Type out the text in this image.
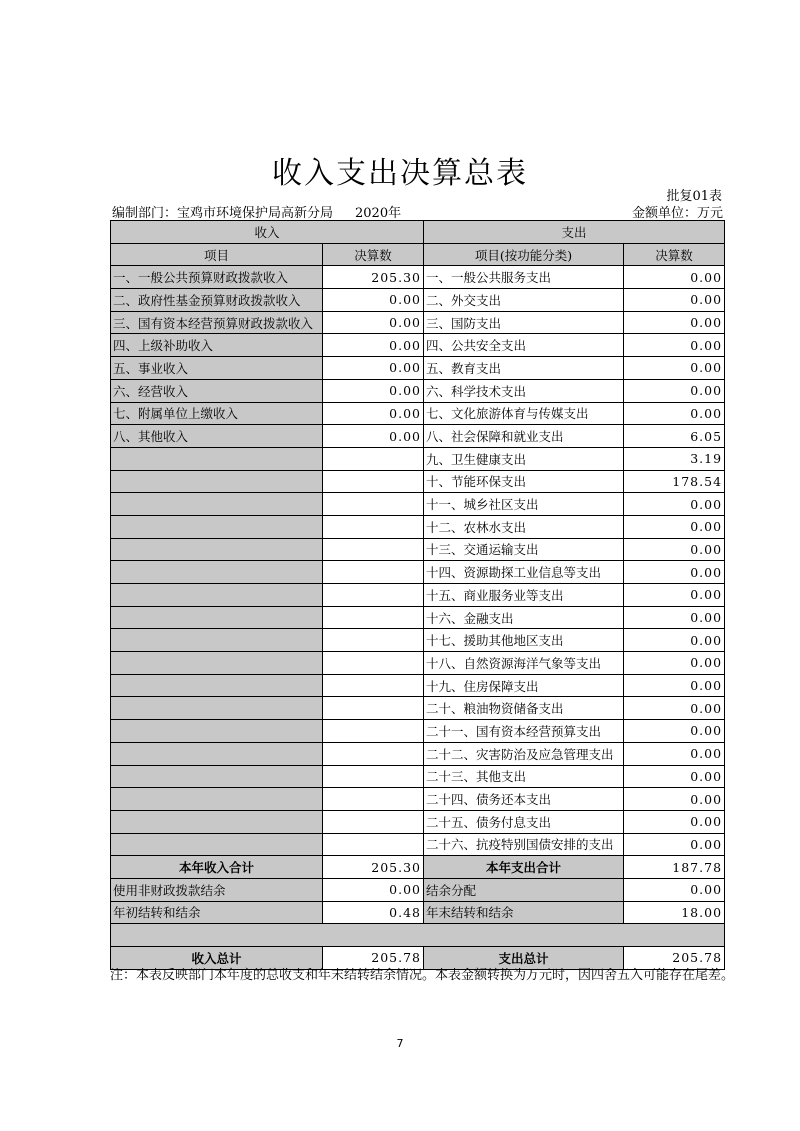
收入支出决算总表
批复01表
编制部门：宝鸡市环境保护局高新分局 2020年	金额单位：万元
收入		支出	
项目	决算数	项目(按功能分类)	决算数
一、一般公共预算财政拨款收入	205.30	一、一般公共服务支出	0.00
二、政府性基金预算财政拨款收入	0.00	二、外交支出	0.00
三、国有资本经营预算财政拨款收入	0.00	三、国防支出	0.00
四、上级补助收入	0.00	四、公共安全支出	0.00
五、事业收入	0.00	五、教育支出	0.00
六、经营收入	0.00	六、科学技术支出	0.00
七、附属单位上缴收入	0.00	七、文化旅游体育与传媒支出	0.00
八、其他收入	0.00	八、社会保障和就业支出	6.05
		九、卫生健康支出	3.19
		十、节能环保支出	178.54
		十一、城乡社区支出	0.00
		十二、农林水支出	0.00
		十三、交通运输支出	0.00
		十四、资源勘探工业信息等支出	0.00
		十五、商业服务业等支出	0.00
		十六、金融支出	0.00
		十七、援助其他地区支出	0.00
		十八、自然资源海洋气象等支出	0.00
		十九、住房保障支出	0.00
		二十、粮油物资储备支出	0.00
		二十一、国有资本经营预算支出	0.00
		二十二、灾害防治及应急管理支出	0.00
		二十三、其他支出	0.00
		二十四、债务还本支出	0.00
		二十五、债务付息支出	0.00
		二十六、抗疫特别国债安排的支出	0.00
本年收入合计	205.30	本年支出合计	187.78
使用非财政拨款结余	0.00	结余分配	0.00
年初结转和结余	0.48	年末结转和结余	18.00

收入总计	205.78	支出总计	205.78
注：本表反映部门本年度的总收支和年末结转结余情况。本表金额转换为万元时，因四舍五入可能存在尾差。
7
